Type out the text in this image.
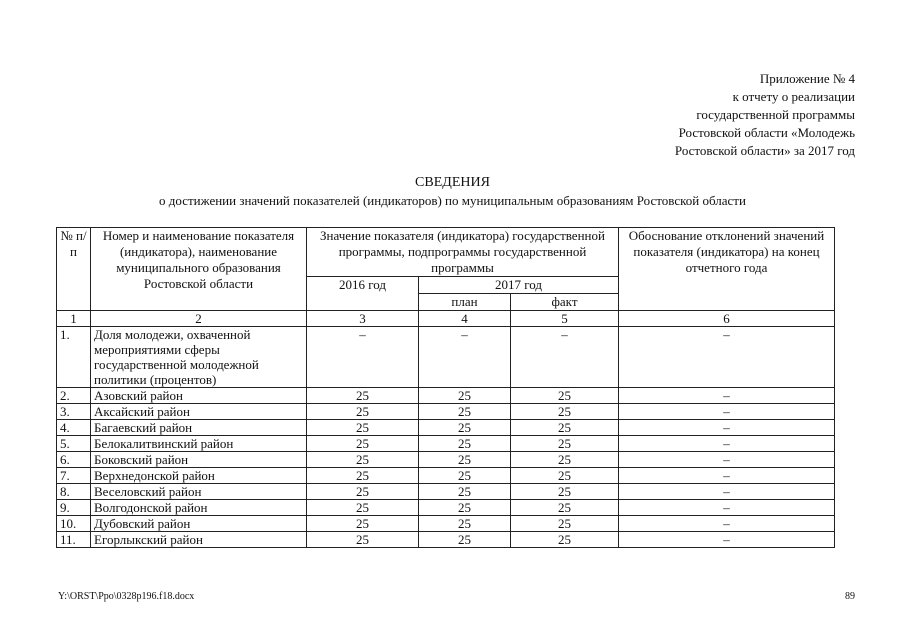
Приложение № 4
к отчету о реализации
государственной программы
Ростовской области «Молодежь
Ростовской области» за 2017 год
СВЕДЕНИЯ
о достижении значений показателей (индикаторов) по муниципальным образованиям Ростовской области
№ п/п	Номер и наименование показателя (индикатора), наименование муниципального образования Ростовской области	Значение показателя (индикатора) государственной программы, подпрограммы государственной программы			Обоснование отклонений значений показателя (индикатора) на конец отчетного года
		2016 год	2017 год		
			план	факт	
1	2	3	4	5	6
1.	Доля молодежи, охваченной мероприятиями сферы государственной молодежной политики (процентов)	–	–	–	–
2.	Азовский район	25	25	25	–
3.	Аксайский район	25	25	25	–
4.	Багаевский район	25	25	25	–
5.	Белокалитвинский район	25	25	25	–
6.	Боковский район	25	25	25	–
7.	Верхнедонской район	25	25	25	–
8.	Веселовский район	25	25	25	–
9.	Волгодонской район	25	25	25	–
10.	Дубовский район	25	25	25	–
11.	Егорлыкский район	25	25	25	–
Y:\ORST\Ppo\0328p196.f18.docx	89
